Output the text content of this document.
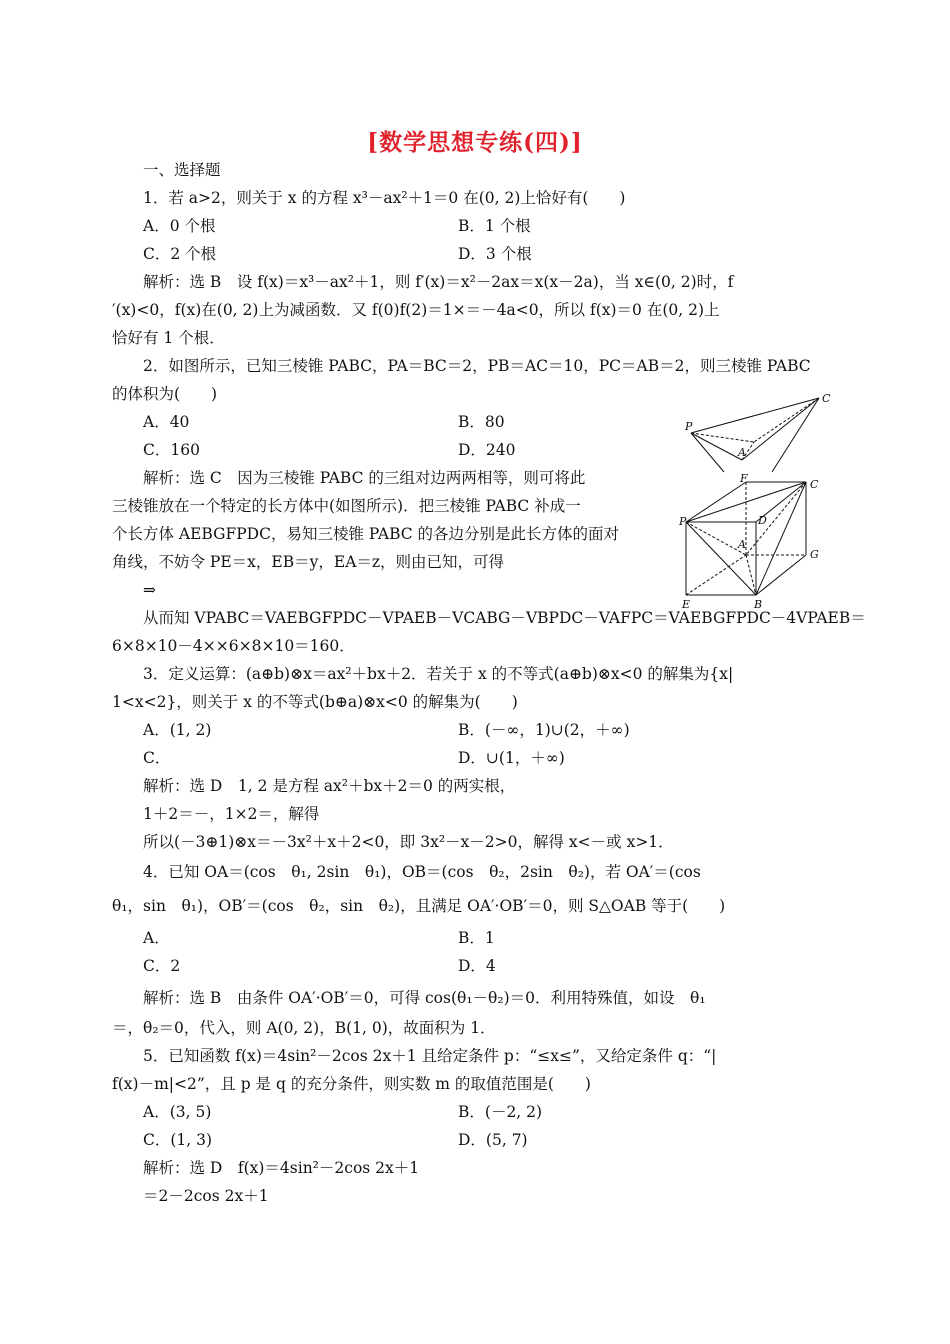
[数学思想专练(四)]
一、选择题
1．若 a>2，则关于 x 的方程 x³－ax²＋1＝0 在(0, 2)上恰好有(　　)
A．0 个根	B．1 个根
C．2 个根	D．3 个根
解析：选 B　设 f(x)＝x³－ax²＋1，则 f′(x)＝x²－2ax＝x(x－2a)，当 x∈(0, 2)时，f
′(x)<0，f(x)在(0, 2)上为减函数．又 f(0)f(2)＝1×＝－4a<0，所以 f(x)＝0 在(0, 2)上
恰好有 1 个根．
2．如图所示，已知三棱锥 PABC，PA＝BC＝2，PB＝AC＝10，PC＝AB＝2，则三棱锥 PABC
的体积为(　　)
A．40	B．80
C．160	D．240
解析：选 C　因为三棱锥 PABC 的三组对边两两相等，则可将此
三棱锥放在一个特定的长方体中(如图所示)．把三棱锥 PABC 补成一
个长方体 AEBGFPDC，易知三棱锥 PABC 的各边分别是此长方体的面对
角线，不妨令 PE＝x，EB＝y，EA＝z，则由已知，可得
⇒
从而知 VPABC＝VAEBGFPDC－VPAEB－VCABG－VBPDC－VAFPC＝VAEBGFPDC－4VPAEB＝
6×8×10－4××6×8×10＝160．
P
C
A
F	C
P	D
A
G
E	B
3．定义运算：(a⊕b)⊗x＝ax²＋bx＋2．若关于 x 的不等式(a⊕b)⊗x<0 的解集为{x|
1<x<2}，则关于 x 的不等式(b⊕a)⊗x<0 的解集为(　　)
A．(1, 2)	B．(－∞，1)∪(2，＋∞)
C．	D．∪(1，＋∞)
解析：选 D　1, 2 是方程 ax²＋bx＋2＝0 的两实根，
1＋2＝－，1×2＝，解得
所以(－3⊕1)⊗x＝－3x²＋x＋2<0，即 3x²－x－2>0，解得 x<－或 x>1．
4．已知 OA＝(cos　θ₁, 2sin　θ₁)，OB＝(cos　θ₂，2sin　θ₂)，若 OA′＝(cos
θ₁，sin　θ₁)，OB′＝(cos　θ₂，sin　θ₂)，且满足 OA′·OB′＝0，则 S△OAB 等于(　　)
A．	B．1
C．2	D．4
解析：选 B　由条件 OA′·OB′＝0，可得 cos(θ₁－θ₂)＝0．利用特殊值，如设　θ₁
＝，θ₂＝0，代入，则 A(0, 2)，B(1, 0)，故面积为 1．
5．已知函数 f(x)＝4sin²－2cos 2x＋1 且给定条件 p：“≤x≤”，又给定条件 q：“|
f(x)－m|<2”，且 p 是 q 的充分条件，则实数 m 的取值范围是(　　)
A．(3, 5)	B．(－2, 2)
C．(1, 3)	D．(5, 7)
解析：选 D　f(x)＝4sin²－2cos 2x＋1
＝2－2cos 2x＋1
